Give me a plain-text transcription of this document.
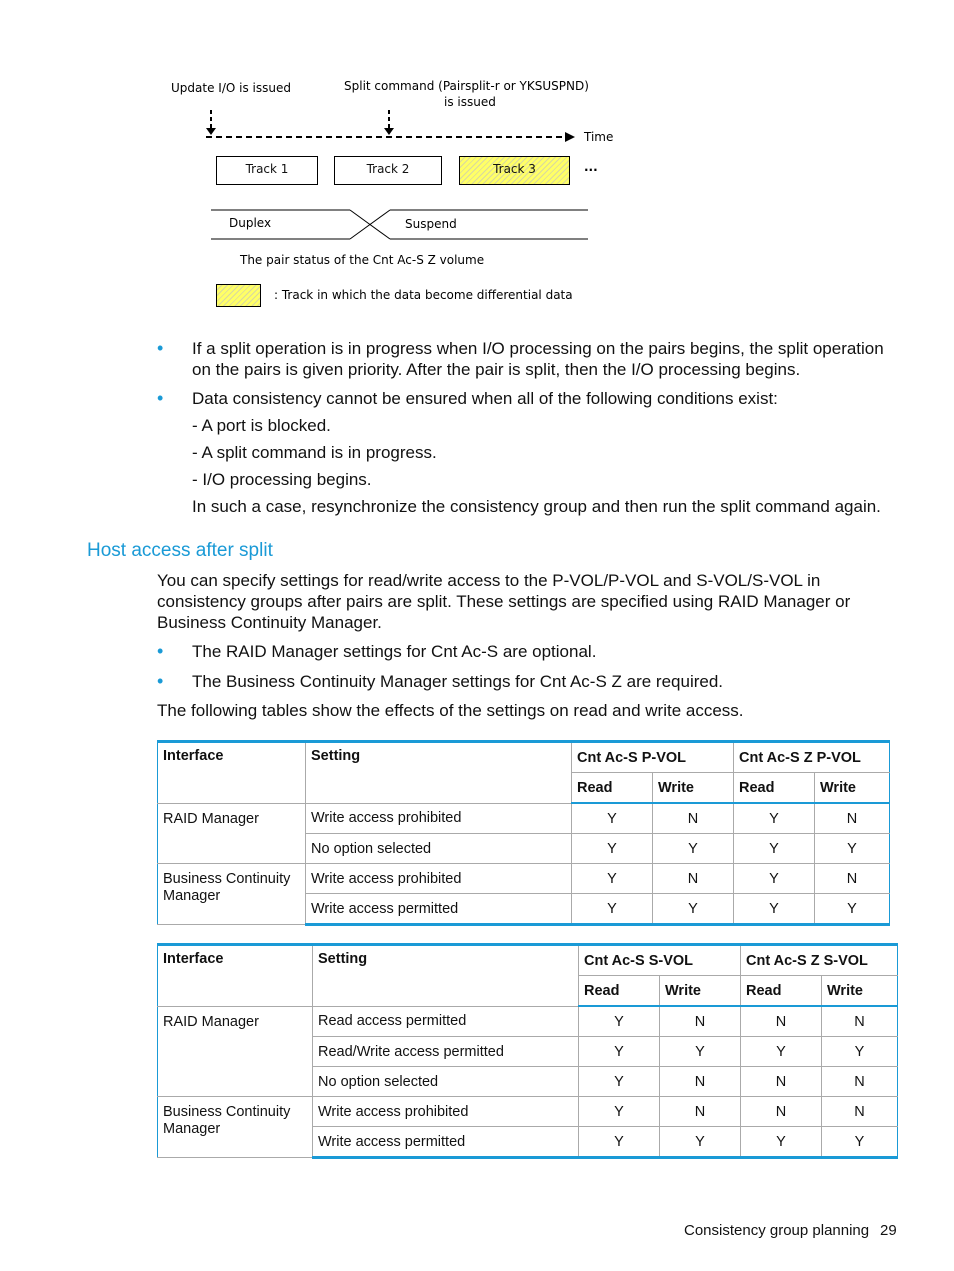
Update I/O is issued	Split command (Pairsplit-r or YKSUSPND)
is issued
Time
Track 1	Track 2	Track 3	...
Duplex	Suspend
The pair status of the Cnt Ac-S Z volume
: Track in which the data become differential data
• If a split operation is in progress when I/O processing on the pairs begins, the split operation on the pairs is given priority. After the pair is split, then the I/O processing begins.
• Data consistency cannot be ensured when all of the following conditions exist:
- A port is blocked.
- A split command is in progress.
- I/O processing begins.
In such a case, resynchronize the consistency group and then run the split command again.
Host access after split
You can specify settings for read/write access to the P-VOL/P-VOL and S-VOL/S-VOL in consistency groups after pairs are split. These settings are specified using RAID Manager or Business Continuity Manager.
• The RAID Manager settings for Cnt Ac-S are optional.
• The Business Continuity Manager settings for Cnt Ac-S Z are required.
The following tables show the effects of the settings on read and write access.
Interface	Setting	Cnt Ac-S P-VOL		Cnt Ac-S Z P-VOL	
		Read	Write	Read	Write
RAID Manager	Write access prohibited	Y	N	Y	N
	No option selected	Y	Y	Y	Y
Business Continuity Manager	Write access prohibited	Y	N	Y	N
	Write access permitted	Y	Y	Y	Y
Interface	Setting	Cnt Ac-S S-VOL		Cnt Ac-S Z S-VOL	
		Read	Write	Read	Write
RAID Manager	Read access permitted	Y	N	N	N
	Read/Write access permitted	Y	Y	Y	Y
	No option selected	Y	N	N	N
Business Continuity Manager	Write access prohibited	Y	N	N	N
	Write access permitted	Y	Y	Y	Y
Consistency group planning 29
